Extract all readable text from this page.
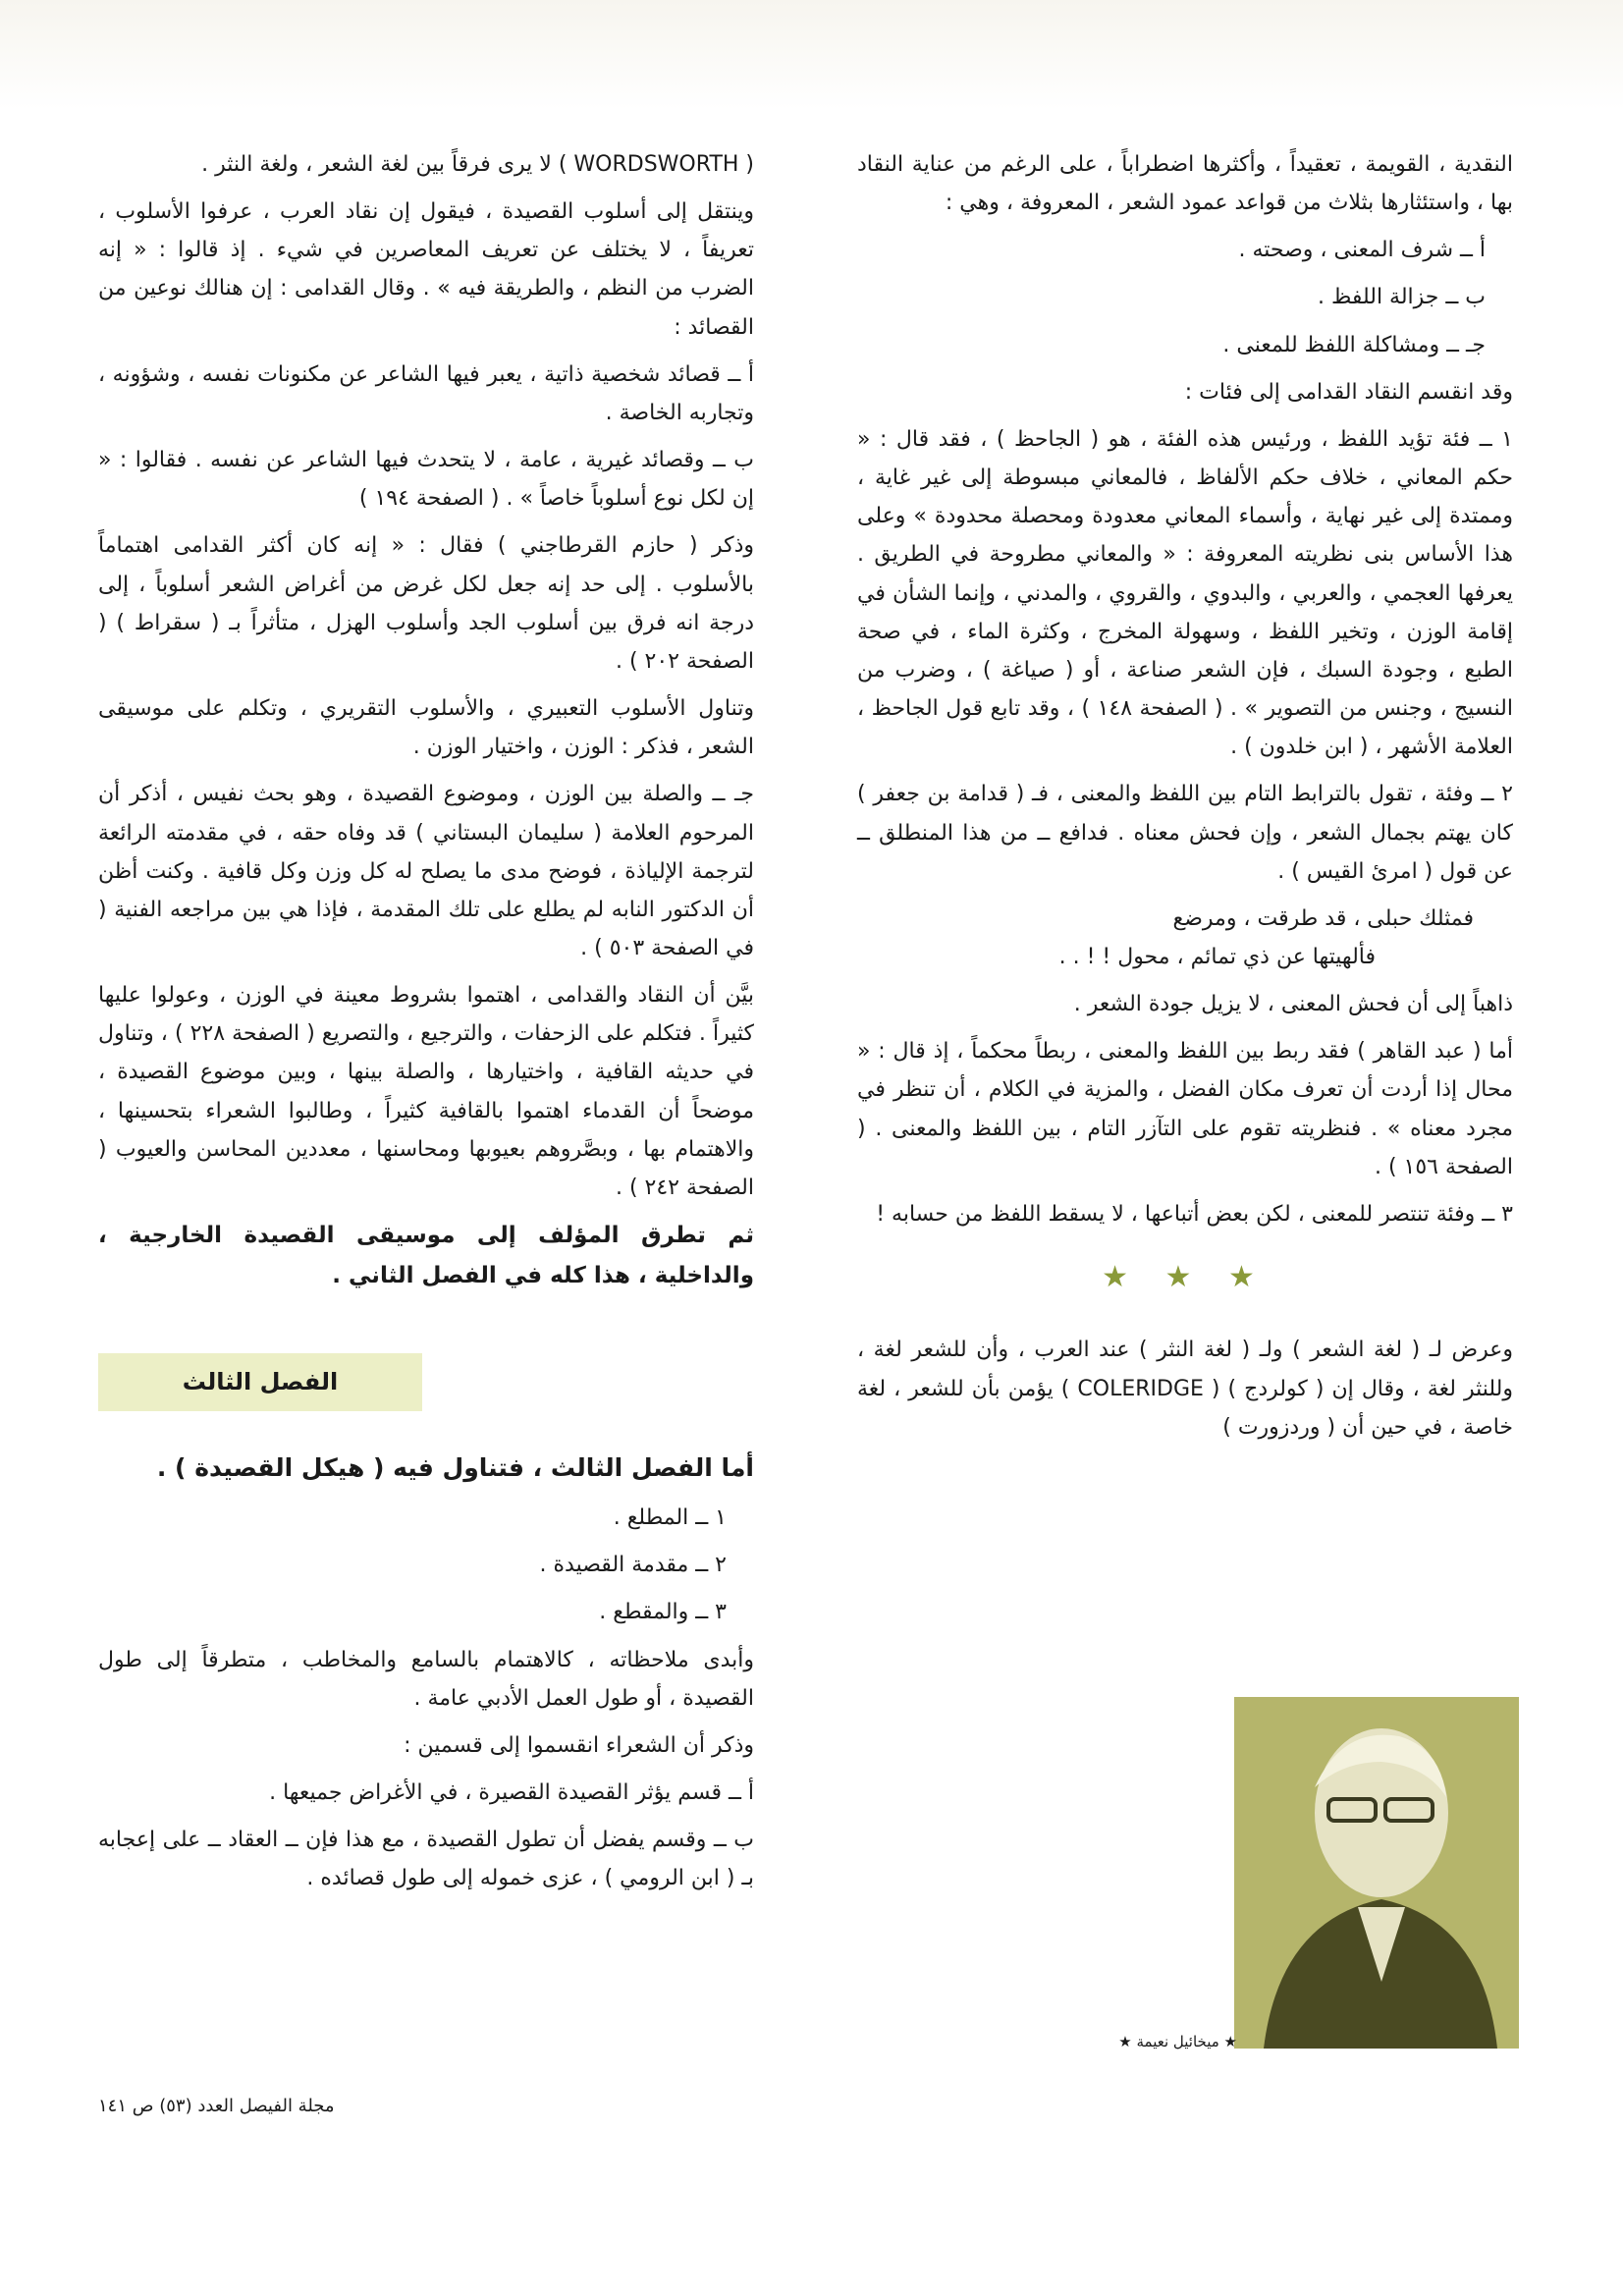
النقدية ، القويمة ، تعقيداً ، وأكثرها اضطراباً ، على الرغم من عناية النقاد بها ، واستئثارها بثلاث من قواعد عمود الشعر ، المعروفة ، وهي :

أ ــ شرف المعنى ، وصحته .

ب ــ جزالة اللفظ .

جـ ــ ومشاكلة اللفظ للمعنى .

وقد انقسم النقاد القدامى إلى فئات :

١ ــ فئة تؤيد اللفظ ، ورئيس هذه الفئة ، هو ( الجاحظ ) ، فقد قال : « حكم المعاني ، خلاف حكم الألفاظ ، فالمعاني مبسوطة إلى غير غاية ، وممتدة إلى غير نهاية ، وأسماء المعاني معدودة ومحصلة محدودة » وعلى هذا الأساس بنى نظريته المعروفة : « والمعاني مطروحة في الطريق . يعرفها العجمي ، والعربي ، والبدوي ، والقروي ، والمدني ، وإنما الشأن في إقامة الوزن ، وتخير اللفظ ، وسهولة المخرج ، وكثرة الماء ، في صحة الطبع ، وجودة السبك ، فإن الشعر صناعة ، أو ( صياغة ) ، وضرب من النسيج ، وجنس من التصوير » . ( الصفحة ١٤٨ ) ، وقد تابع قول الجاحظ ، العلامة الأشهر ، ( ابن خلدون ) .

٢ ــ وفئة ، تقول بالترابط التام بين اللفظ والمعنى ، فـ ( قدامة بن جعفر ) كان يهتم بجمال الشعر ، وإن فحش معناه . فدافع ــ من هذا المنطلق ــ عن قول ( امرئ القيس ) .

فمثلك حبلى ، قد طرقت ، ومرضع

فألهيتها عن ذي تمائم ، محول ! ! . .

ذاهباً إلى أن فحش المعنى ، لا يزيل جودة الشعر .

أما ( عبد القاهر ) فقد ربط بين اللفظ والمعنى ، ربطاً محكماً ، إذ قال : « محال إذا أردت أن تعرف مكان الفضل ، والمزية في الكلام ، أن تنظر في مجرد معناه » . فنظريته تقوم على التآزر التام ، بين اللفظ والمعنى . ( الصفحة ١٥٦ ) .

٣ ــ وفئة تنتصر للمعنى ، لكن بعض أتباعها ، لا يسقط اللفظ من حسابه !

★ ★ ★

وعرض لـ ( لغة الشعر ) ولـ ( لغة النثر ) عند العرب ، وأن للشعر لغة ، وللنثر لغة ، وقال إن ( كولردج ) ( COLERIDGE ) يؤمن بأن للشعر ، لغة خاصة ، في حين أن ( وردزورت )

★ ميخائيل نعيمة ★

( WORDSWORTH ) لا يرى فرقاً بين لغة الشعر ، ولغة النثر .

وينتقل إلى أسلوب القصيدة ، فيقول إن نقاد العرب ، عرفوا الأسلوب ، تعريفاً ، لا يختلف عن تعريف المعاصرين في شيء . إذ قالوا : « إنه الضرب من النظم ، والطريقة فيه » . وقال القدامى : إن هنالك نوعين من القصائد :

أ ــ قصائد شخصية ذاتية ، يعبر فيها الشاعر عن مكنونات نفسه ، وشؤونه ، وتجاربه الخاصة .

ب ــ وقصائد غيرية ، عامة ، لا يتحدث فيها الشاعر عن نفسه . فقالوا : « إن لكل نوع أسلوباً خاصاً » . ( الصفحة ١٩٤ )

وذكر ( حازم القرطاجني ) فقال : « إنه كان أكثر القدامى اهتماماً بالأسلوب . إلى حد إنه جعل لكل غرض من أغراض الشعر أسلوباً ، إلى درجة انه فرق بين أسلوب الجد وأسلوب الهزل ، متأثراً بـ ( سقراط ) ( الصفحة ٢٠٢ ) .

وتناول الأسلوب التعبيري ، والأسلوب التقريري ، وتكلم على موسيقى الشعر ، فذكر : الوزن ، واختيار الوزن .

جـ ــ والصلة بين الوزن ، وموضوع القصيدة ، وهو بحث نفيس ، أذكر أن المرحوم العلامة ( سليمان البستاني ) قد وفاه حقه ، في مقدمته الرائعة لترجمة الإلياذة ، فوضح مدى ما يصلح له كل وزن وكل قافية . وكنت أظن أن الدكتور النابه لم يطلع على تلك المقدمة ، فإذا هي بين مراجعه الفنية ( في الصفحة ٥٠٣ ) .

بيَّن أن النقاد والقدامى ، اهتموا بشروط معينة في الوزن ، وعولوا عليها كثيراً . فتكلم على الزحفات ، والترجيع ، والتصريع ( الصفحة ٢٢٨ ) ، وتناول في حديثه القافية ، واختيارها ، والصلة بينها ، وبين موضوع القصيدة ، موضحاً أن القدماء اهتموا بالقافية كثيراً ، وطالبوا الشعراء بتحسينها ، والاهتمام بها ، وبصَّروهم بعيوبها ومحاسنها ، معددين المحاسن والعيوب ( الصفحة ٢٤٢ ) .

ثم تطرق المؤلف إلى موسيقى القصيدة الخارجية ، والداخلية ، هذا كله في الفصل الثاني .

الفصل الثالث

أما الفصل الثالث ، فتناول فيه ( هيكل القصيدة ) .

١ ــ المطلع .

٢ ــ مقدمة القصيدة .

٣ ــ والمقطع .

وأبدى ملاحظاته ، كالاهتمام بالسامع والمخاطب ، متطرقاً إلى طول القصيدة ، أو طول العمل الأدبي عامة .

وذكر أن الشعراء انقسموا إلى قسمين :

أ ــ قسم يؤثر القصيدة القصيرة ، في الأغراض جميعها .

ب ــ وقسم يفضل أن تطول القصيدة ، مع هذا فإن ــ العقاد ــ على إعجابه بـ ( ابن الرومي ) ، عزى خموله إلى طول قصائده .

مجلة الفيصل العدد (٥٣) ص ١٤١
